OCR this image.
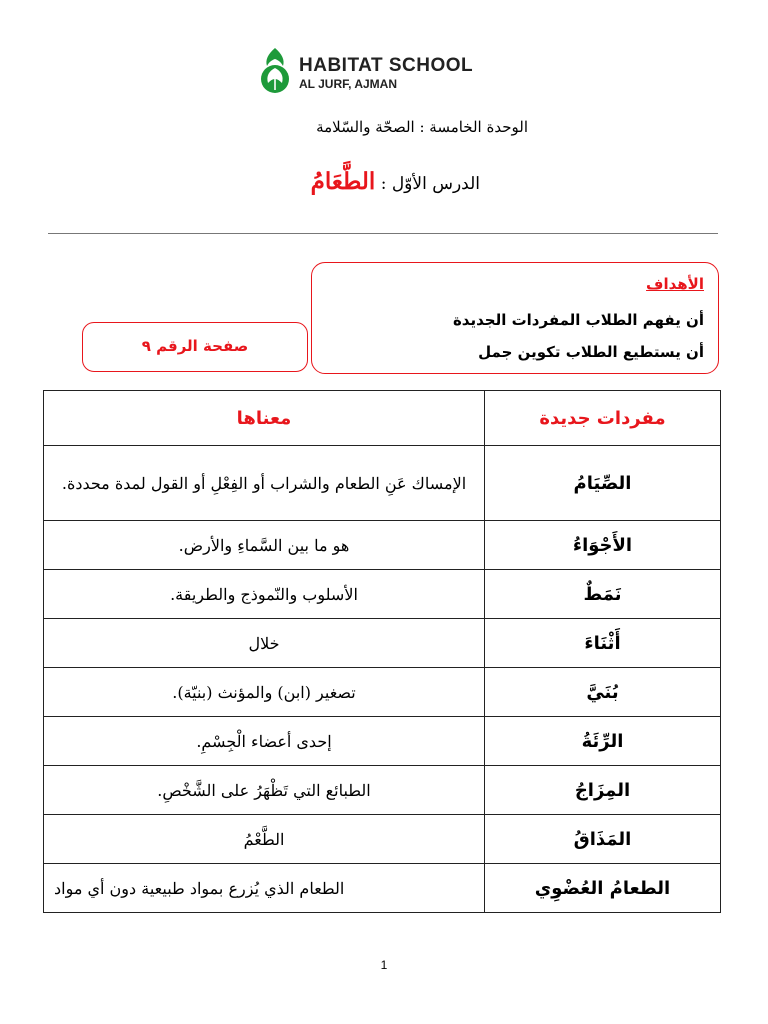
HABITAT SCHOOL
AL JURF, AJMAN
الوحدة الخامسة : الصحّة والسّلامة
الدرس الأوّل : الطَّعَامُ
الأهداف
أن يفهم الطلاب المفردات الجديدة
أن يستطيع الطلاب تكوين جمل
صفحة الرقم ٩
مفردات جديدة	معناها
الصِّيَامُ	الإمساك عَنِ الطعام والشراب أو الفِعْلِ أو القول لمدة محددة.
الأَجْوَاءُ	هو ما بين السَّماءِ والأرض.
نَمَطٌ	الأسلوب والنّموذج والطريقة.
أَثْنَاءَ	خلال
بُنَيَّ	تصغير (ابن) والمؤنث (بنيّة).
الرِّئَةُ	إحدى أعضاء الْجِسْمِ.
المِزَاجُ	الطبائع التي تَظْهَرُ على الشَّخْصِ.
المَذَاقُ	الطَّعْمُ
الطعامُ العُضْوِي	الطعام الذي يُزرع بمواد طبيعية دون أي مواد
1
